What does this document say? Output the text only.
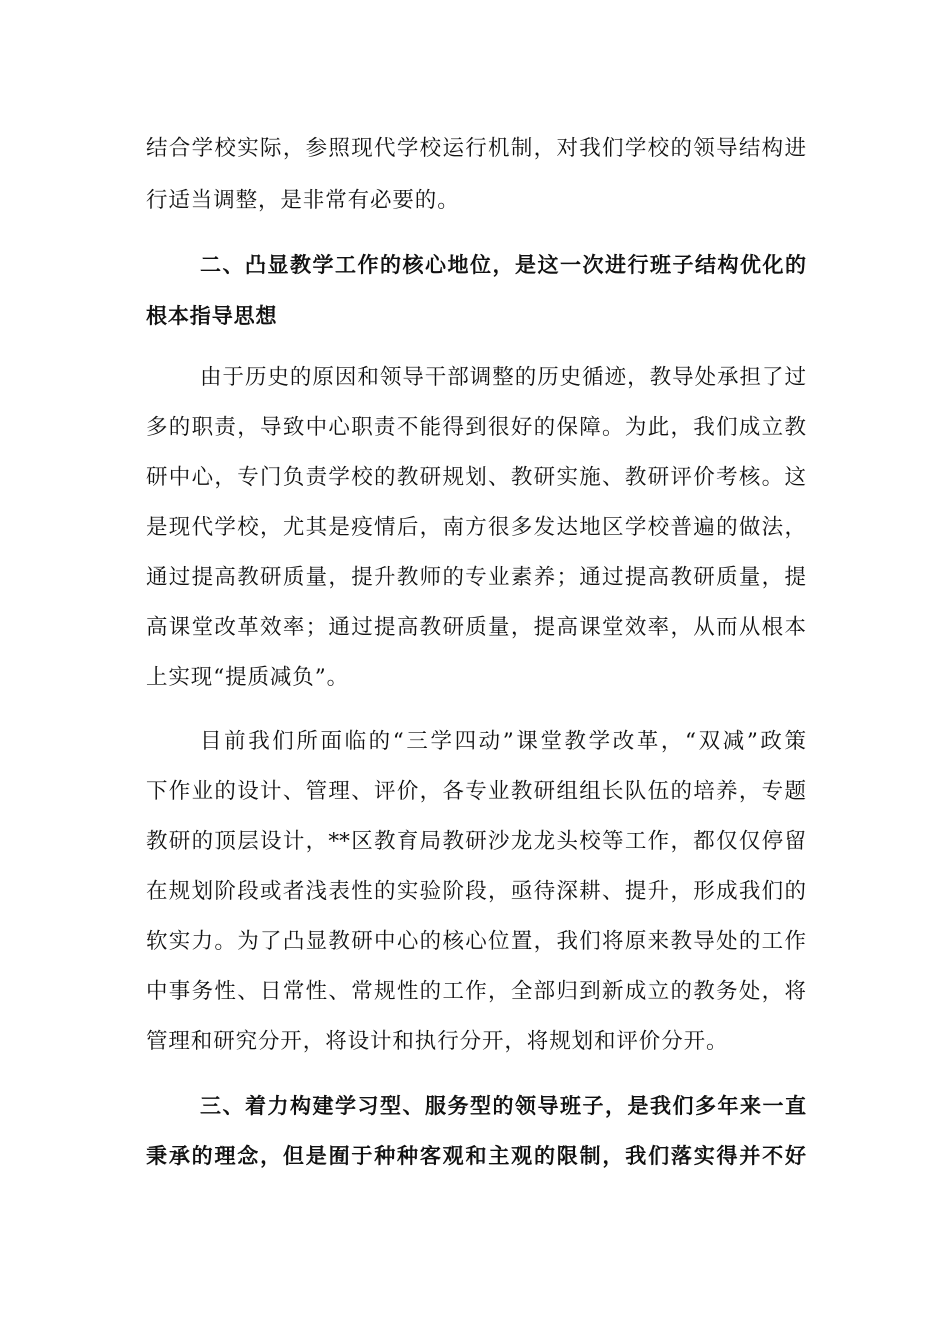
结合学校实际，参照现代学校运行机制，对我们学校的领导结构进
行适当调整，是非常有必要的。
二、凸显教学工作的核心地位，是这一次进行班子结构优化的
根本指导思想
由于历史的原因和领导干部调整的历史循迹，教导处承担了过
多的职责，导致中心职责不能得到很好的保障。为此，我们成立教
研中心，专门负责学校的教研规划、教研实施、教研评价考核。这
是现代学校，尤其是疫情后，南方很多发达地区学校普遍的做法，
通过提高教研质量，提升教师的专业素养；通过提高教研质量，提
高课堂改革效率；通过提高教研质量，提高课堂效率，从而从根本
上实现“提质减负”。
目前我们所面临的“三学四动”课堂教学改革，“双减”政策
下作业的设计、管理、评价，各专业教研组组长队伍的培养，专题
教研的顶层设计，**区教育局教研沙龙龙头校等工作，都仅仅停留
在规划阶段或者浅表性的实验阶段，亟待深耕、提升，形成我们的
软实力。为了凸显教研中心的核心位置，我们将原来教导处的工作
中事务性、日常性、常规性的工作，全部归到新成立的教务处，将
管理和研究分开，将设计和执行分开，将规划和评价分开。
三、着力构建学习型、服务型的领导班子，是我们多年来一直
秉承的理念，但是囿于种种客观和主观的限制，我们落实得并不好
